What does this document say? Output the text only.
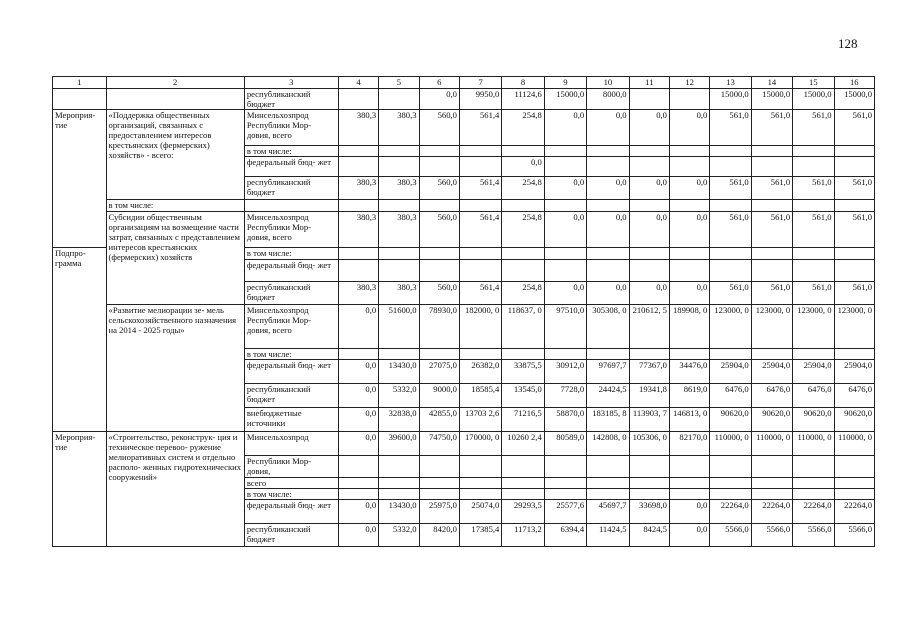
128
1	2	3	4	5	6	7	8	9	10	11	12	13	14	15	16
		республиканский бюджет			0,0	9950,0	11124,6	15000,0	8000,0			15000,0	15000,0	15000,0	15000,0
Мероприя- тие	«Поддержка общественных организаций, связанных с предоставлением интересов крестьянских (фермерских) хозяйств» - всего:	Минсельхозпрод Республики Мор- довия, всего	380,3	380,3	560,0	561,4	254,8	0,0	0,0	0,0	0,0	561,0	561,0	561,0	561,0
		в том числе:													
		федеральный бюд- жет					0,0								
		республиканский бюджет	380,3	380,3	560,0	561,4	254,8	0,0	0,0	0,0	0,0	561,0	561,0	561,0	561,0
	в том числе:														
	Субсидии общественным организациям на возмещение части затрат, связанных с представлением интересов крестьянских (фермерских) хозяйств	Минсельхозпрод Республики Мор- довия, всего	380,3	380,3	560,0	561,4	254,8	0,0	0,0	0,0	0,0	561,0	561,0	561,0	561,0
Подпро- грамма		в том числе:													
		федеральный бюд- жет													
		республиканский бюджет	380,3	380,3	560,0	561,4	254,8	0,0	0,0	0,0	0,0	561,0	561,0	561,0	561,0
	«Развитие мелиорации зе- мель сельскохозяйственного назначения на 2014 - 2025 годы»	Минсельхозпрод Республики Мор- довия, всего	0,0	51600,0	78930,0	182000, 0	118637, 0	97510,0	305308, 0	210612, 5	189908, 0	123000, 0	123000, 0	123000, 0	123000, 0
		в том числе:													
		федеральный бюд- жет	0,0	13430,0	27075,0	26382,0	33875,5	30912,0	97697,7	77367,0	34476,0	25904,0	25904,0	25904,0	25904,0
		республиканский бюджет	0,0	5332,0	9000,0	18585,4	13545,0	7728,0	24424,5	19341,8	8619,0	6476,0	6476,0	6476,0	6476,0
		внебюджетные источники	0,0	32838,0	42855,0	13703 2,6	71216,5	58870,0	183185, 8	113903, 7	146813, 0	90620,0	90620,0	90620,0	90620,0
Мероприя- тие	«Строительство, реконструк- ция и техническое перевоо- ружение мелиоративных систем и отдельно располо- женных гидротехнических сооружений»	Минсельхозпрод	0,0	39600,0	74750,0	170000, 0	10260 2,4	80589,0	142808, 0	105306, 0	82170,0	110000, 0	110000, 0	110000, 0	110000, 0
		Республики Мор- довия,													
		всего													
		в том числе:													
		федеральный бюд- жет	0,0	13430,0	25975,0	25074,0	29293,5	25577,6	45697,7	33698,0	0,0	22264,0	22264,0	22264,0	22264,0
		республиканский бюджет	0,0	5332,0	8420,0	17385,4	11713,2	6394,4	11424,5	8424,5	0,0	5566,0	5566,0	5566,0	5566,0
